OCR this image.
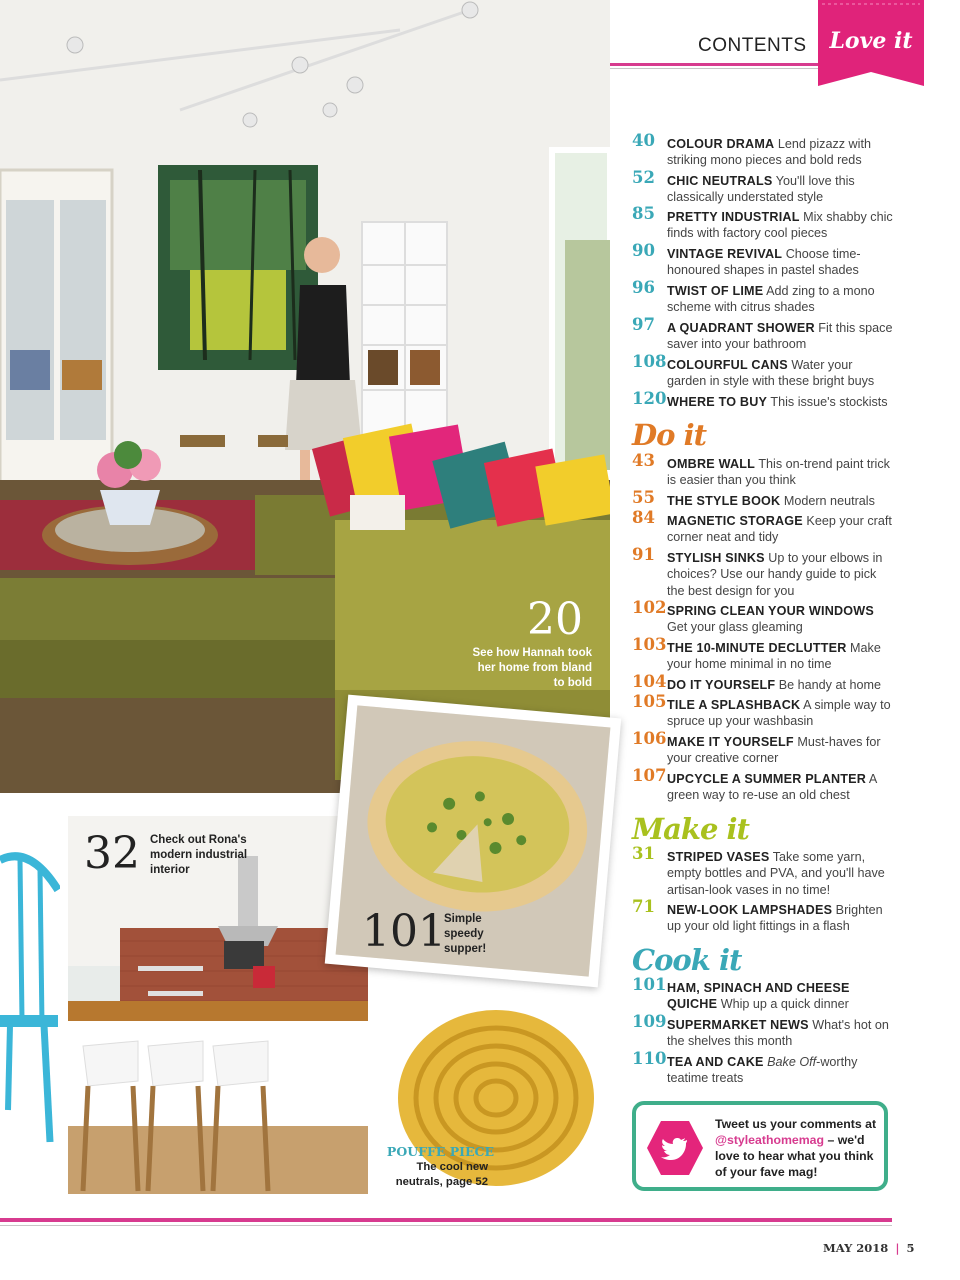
CONTENTS	Love it
40 COLOUR DRAMA Lend pizazz with striking mono pieces and bold reds
52 CHIC NEUTRALS You'll love this classically understated style
85 PRETTY INDUSTRIAL Mix shabby chic finds with factory cool pieces
90 VINTAGE REVIVAL Choose time-honoured shapes in pastel shades
96 TWIST OF LIME Add zing to a mono scheme with citrus shades
97 A QUADRANT SHOWER Fit this space saver into your bathroom
108 COLOURFUL CANS Water your garden in style with these bright buys
120 WHERE TO BUY This issue's stockists
Do it
43 OMBRE WALL This on-trend paint trick is easier than you think
55 THE STYLE BOOK Modern neutrals
84 MAGNETIC STORAGE Keep your craft corner neat and tidy
91 STYLISH SINKS Up to your elbows in choices? Use our handy guide to pick the best design for you
102 SPRING CLEAN YOUR WINDOWS Get your glass gleaming
103 THE 10-MINUTE DECLUTTER Make your home minimal in no time
104 DO IT YOURSELF Be handy at home
105 TILE A SPLASHBACK A simple way to spruce up your washbasin
106 MAKE IT YOURSELF Must-haves for your creative corner
107 UPCYCLE A SUMMER PLANTER A green way to re-use an old chest
Make it
31 STRIPED VASES Take some yarn, empty bottles and PVA, and you'll have artisan-look vases in no time!
71 NEW-LOOK LAMPSHADES Brighten up your old light fittings in a flash
Cook it
101 HAM, SPINACH AND CHEESE QUICHE Whip up a quick dinner
109 SUPERMARKET NEWS What's hot on the shelves this month
110 TEA AND CAKE Bake Off-worthy teatime treats
Tweet us your comments at @styleathomemag – we'd love to hear what you think of your fave mag!
20
See how Hannah took her home from bland to bold
32 Check out Rona's modern industrial interior
101
Simple speedy supper!
POUFFE PIECE
The cool new neutrals, page 52
MAY 2018 | 5
